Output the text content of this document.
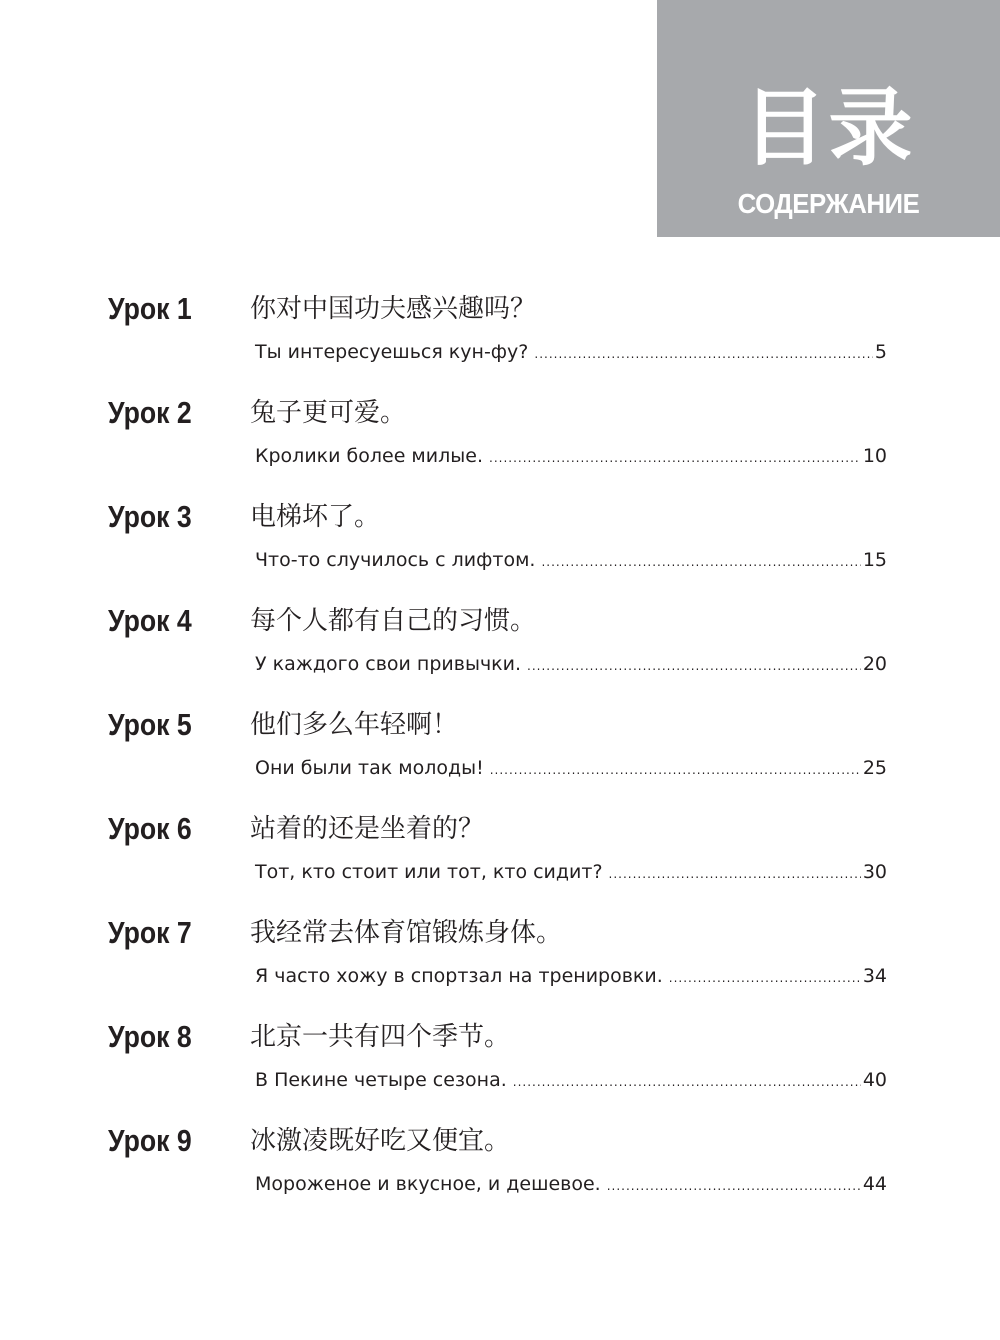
目录
СОДЕРЖАНИЕ
Урок 1 你对中国功夫感兴趣吗？
Ты интересуешься кун-фу? .....	5
Урок 2 兔子更可爱。
Кролики более милые. .....	10
Урок 3 电梯坏了。
Что-то случилось с лифтом. .....	15
Урок 4 每个人都有自己的习惯。
У каждого свои привычки. .....	20
Урок 5 他们多么年轻啊！
Они были так молоды! .....	25
Урок 6 站着的还是坐着的？
Тот, кто стоит или тот, кто сидит? .....	30
Урок 7 我经常去体育馆锻炼身体。
Я часто хожу в спортзал на тренировки. .....	34
Урок 8 北京一共有四个季节。
В Пекине четыре сезона. .....	40
Урок 9 冰激凌既好吃又便宜。
Мороженое и вкусное, и дешевое. .....	44
